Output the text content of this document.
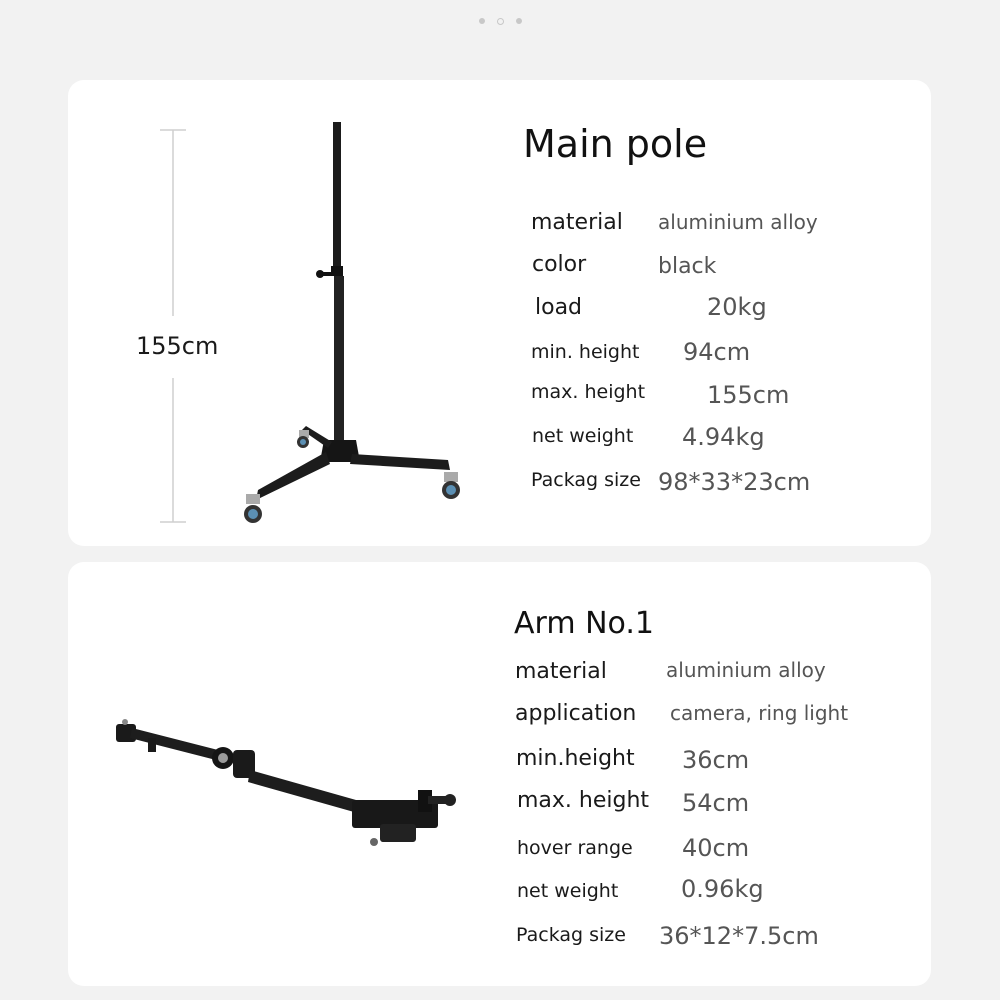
155cm
Main pole
material aluminium alloy
color	black
load	20kg
min. height 94cm
max. height	155cm
net weight 4.94kg
Packag size 98*33*23cm
Arm No.1
material	aluminium alloy
application camera, ring light
min.height 36cm
max. height 54cm
hover range 40cm
net weight	0.96kg
Packag size 36*12*7.5cm
